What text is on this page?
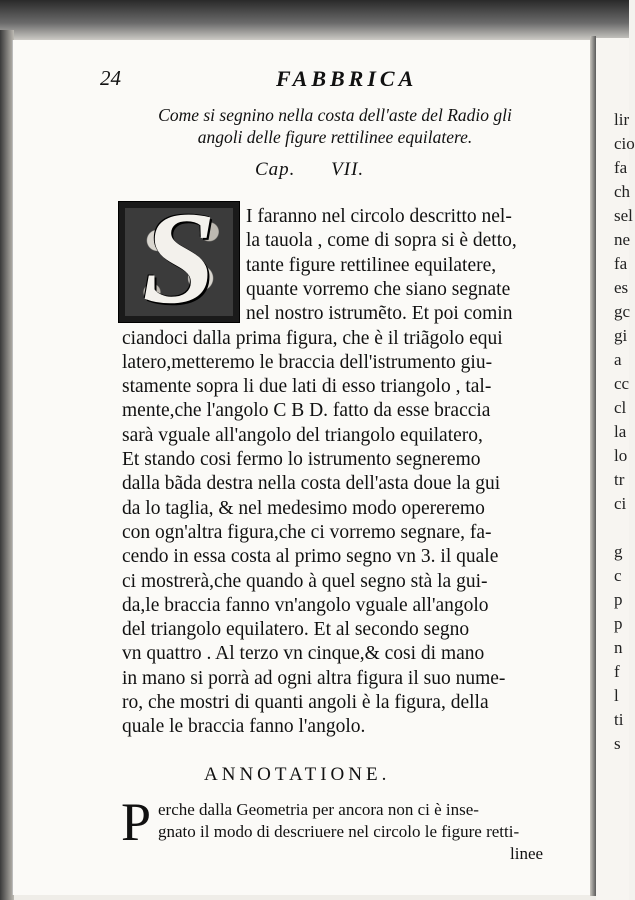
lir
cio
fa
ch
sel
ne
fa
es
gc
gi
a
cc
cl
la
lo
tr
ci
g
c
p
p
n
f
l
ti
s
24	FABBRICA
Come si segnino nella costa dell'aste del Radio gli
angoli delle figure rettilinee equilatere.
Cap. VII.
S	I faranno nel circolo descritto nel-
la tauola , come di sopra si è detto,
tante figure rettilinee equilatere,
quante vorremo che siano segnate
nel nostro istrumẽto. Et poi comin
ciandoci dalla prima figura, che è il triãgolo equi
latero,metteremo le braccia dell'istrumento giu-
stamente sopra li due lati di esso triangolo , tal-
mente,che l'angolo C B D. fatto da esse braccia
sarà vguale all'angolo del triangolo equilatero,
Et stando cosi fermo lo istrumento segneremo
dalla bãda destra nella costa dell'asta doue la gui
da lo taglia, & nel medesimo modo opereremo
con ogn'altra figura,che ci vorremo segnare, fa-
cendo in essa costa al primo segno vn 3. il quale
ci mostrerà,che quando à quel segno stà la gui-
da,le braccia fanno vn'angolo vguale all'angolo
del triangolo equilatero. Et al secondo segno
vn quattro . Al terzo vn cinque,& cosi di mano
in mano si porrà ad ogni altra figura il suo nume-
ro, che mostri di quanti angoli è la figura, della
quale le braccia fanno l'angolo.
ANNOTATIONE.
P erche dalla Geometria per ancora non ci è inse-
gnato il modo di descriuere nel circolo le figure retti-
linee
